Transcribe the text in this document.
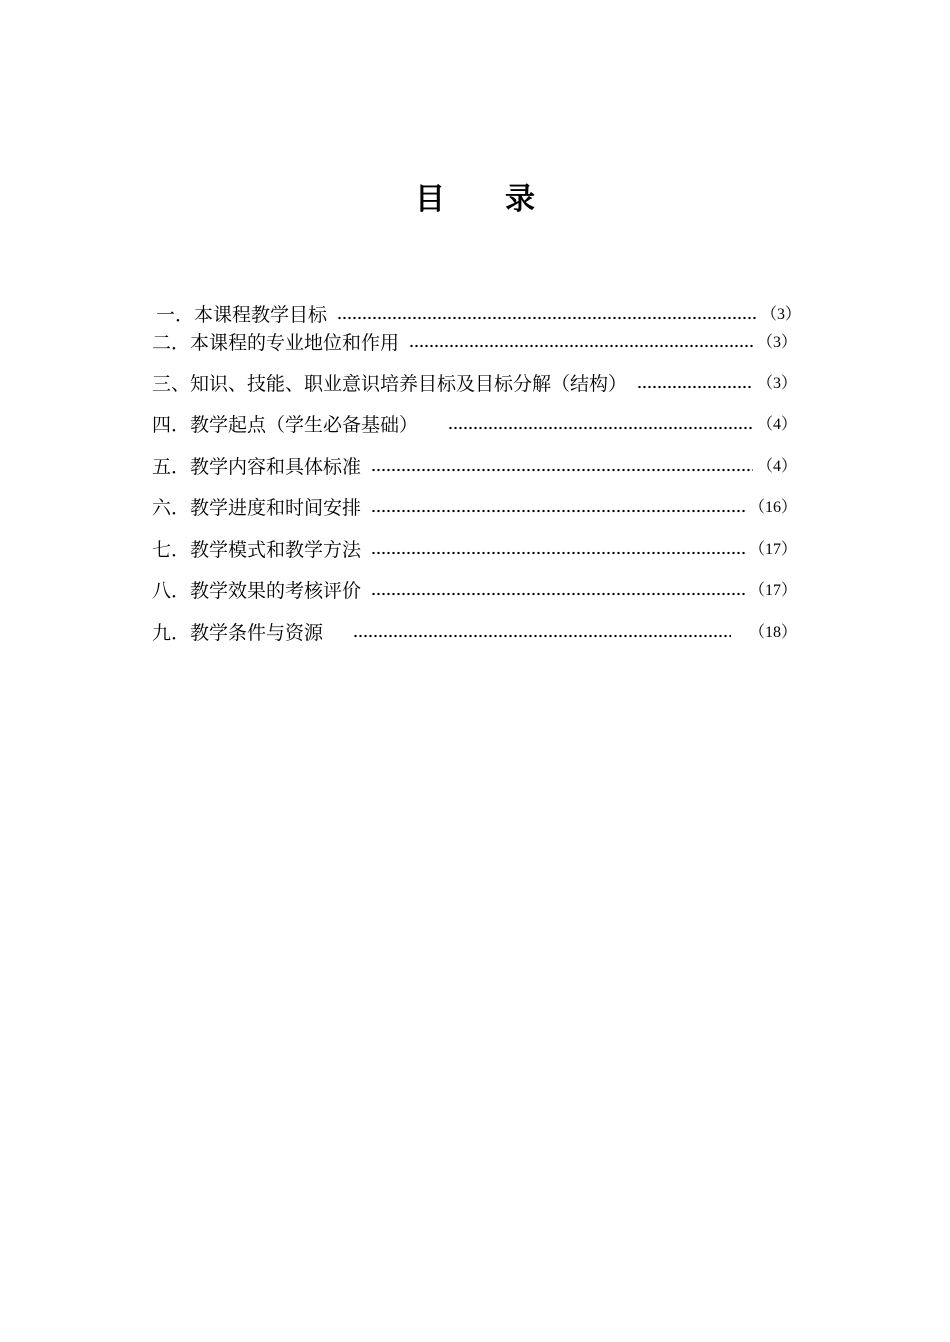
目　　录
一．本课程教学目标	（3）
二．本课程的专业地位和作用	（3）
三、知识、技能、职业意识培养目标及目标分解（结构）	（3）
四．教学起点（学生必备基础）	（4）
五．教学内容和具体标准	（4）
六．教学进度和时间安排	（16）
七．教学模式和教学方法	（17）
八．教学效果的考核评价	（17）
九．教学条件与资源	（18）
